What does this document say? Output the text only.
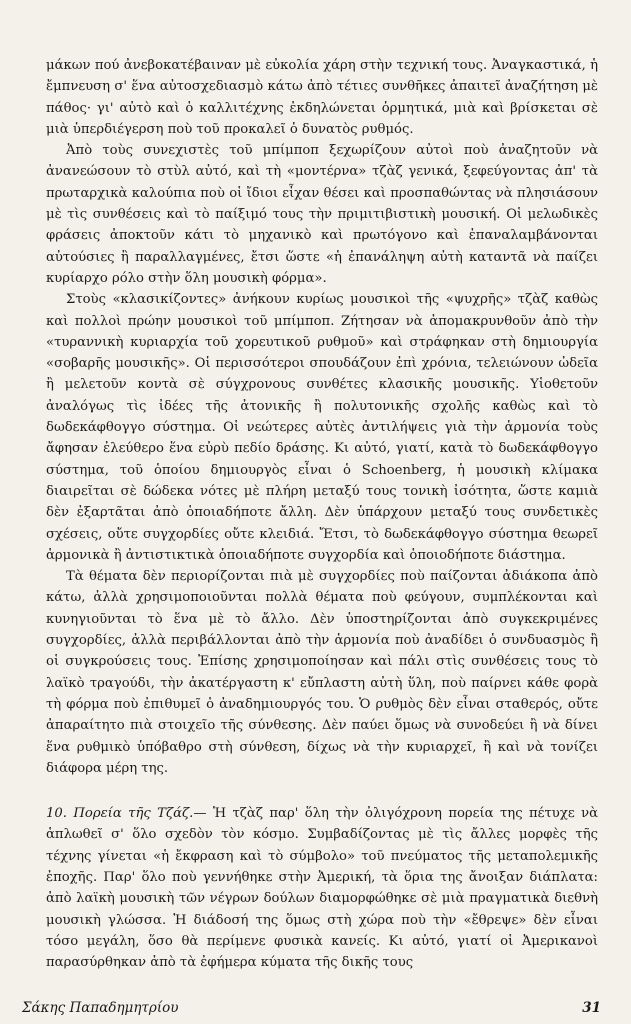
μάκων πού ἀνεβοκατέβαιναν μὲ εὐκολία χάρη στὴν τεχνική τους. Ἀναγκαστικά, ἡ ἔμπνευση σ' ἕνα αὐτοσχεδιασμὸ κάτω ἀπὸ τέτιες συνθῆκες ἀπαιτεῖ ἀναζήτηση μὲ πάθος· γι' αὐτὸ καὶ ὁ καλλιτέχνης ἐκδηλώνεται ὁρμητικά, μιὰ καὶ βρίσκεται σὲ μιὰ ὑπερδιέγερση ποὺ τοῦ προκαλεῖ ὁ δυνατὸς ρυθμός.

Ἀπὸ τοὺς συνεχιστὲς τοῦ μπίμποπ ξεχωρίζουν αὐτοὶ ποὺ ἀναζητοῦν νὰ ἀνανεώσουν τὸ στὺλ αὐτό, καὶ τὴ «μοντέρνα» τζὰζ γενικά, ξεφεύγοντας ἀπ' τὰ πρωταρχικὰ καλούπια ποὺ οἱ ἴδιοι εἶχαν θέσει καὶ προσπαθώντας νὰ πλησιάσουν μὲ τὶς συνθέσεις καὶ τὸ παίξιμό τους τὴν πριμιτιβιστικὴ μουσική. Οἱ μελωδικὲς φράσεις ἀποκτοῦν κάτι τὸ μηχανικὸ καὶ πρωτόγονο καὶ ἐπαναλαμβάνονται αὐτούσιες ἢ παραλλαγμένες, ἔτσι ὥστε «ἡ ἐπανάληψη αὐτὴ καταντᾶ νὰ παίζει κυρίαρχο ρόλο στὴν ὅλη μουσικὴ φόρμα».

Στοὺς «κλασικίζοντες» ἀνήκουν κυρίως μουσικοὶ τῆς «ψυχρῆς» τζὰζ καθὼς καὶ πολλοὶ πρώην μουσικοὶ τοῦ μπίμποπ. Ζήτησαν νὰ ἀπομακρυνθοῦν ἀπὸ τὴν «τυραννικὴ κυριαρχία τοῦ χορευτικοῦ ρυθμοῦ» καὶ στράφηκαν στὴ δημιουργία «σοβαρῆς μουσικῆς». Οἱ περισσότεροι σπουδάζουν ἐπὶ χρόνια, τελειώνουν ὠδεῖα ἢ μελετοῦν κοντὰ σὲ σύγχρονους συνθέτες κλασικῆς μουσικῆς. Υἱοθετοῦν ἀναλόγως τὶς ἰδέες τῆς ἀτονικῆς ἢ πολυτονικῆς σχολῆς καθὼς καὶ τὸ δωδεκάφθογγο σύστημα. Οἱ νεώτερες αὐτὲς ἀντιλήψεις γιὰ τὴν ἁρμονία τοὺς ἄφησαν ἐλεύθερο ἕνα εὐρὺ πεδίο δράσης. Κι αὐτό, γιατί, κατὰ τὸ δωδεκάφθογγο σύστημα, τοῦ ὁποίου δημιουργὸς εἶναι ὁ Schoenberg, ἡ μουσικὴ κλίμακα διαιρεῖται σὲ δώδεκα νότες μὲ πλήρη μεταξύ τους τονικὴ ἰσότητα, ὥστε καμιὰ δὲν ἐξαρτᾶται ἀπὸ ὁποιαδήποτε ἄλλη. Δὲν ὑπάρχουν μεταξύ τους συνδετικὲς σχέσεις, οὔτε συγχορδίες οὔτε κλειδιά. Ἔτσι, τὸ δωδεκάφθογγο σύστημα θεωρεῖ ἁρμονικὰ ἢ ἀντιστικτικὰ ὁποιαδήποτε συγχορδία καὶ ὁποιοδήποτε διάστημα.

Τὰ θέματα δὲν περιορίζονται πιὰ μὲ συγχορδίες ποὺ παίζονται ἀδιάκοπα ἀπὸ κάτω, ἀλλὰ χρησιμοποιοῦνται πολλὰ θέματα ποὺ φεύγουν, συμπλέκονται καὶ κυνηγιοῦνται τὸ ἕνα μὲ τὸ ἄλλο. Δὲν ὑποστηρίζονται ἀπὸ συγκεκριμένες συγχορδίες, ἀλλὰ περιβάλλονται ἀπὸ τὴν ἁρμονία ποὺ ἀναδίδει ὁ συνδυασμὸς ἢ οἱ συγκρούσεις τους. Ἐπίσης χρησιμοποίησαν καὶ πάλι στὶς συνθέσεις τους τὸ λαϊκὸ τραγούδι, τὴν ἀκατέργαστη κ' εὔπλαστη αὐτὴ ὕλη, ποὺ παίρνει κάθε φορὰ τὴ φόρμα ποὺ ἐπιθυμεῖ ὁ ἀναδημιουργός του. Ὁ ρυθμὸς δὲν εἶναι σταθερός, οὔτε ἀπαραίτητο πιὰ στοιχεῖο τῆς σύνθεσης. Δὲν παύει ὅμως νὰ συνοδεύει ἢ νὰ δίνει ἕνα ρυθμικὸ ὑπόβαθρο στὴ σύνθεση, δίχως νὰ τὴν κυριαρχεῖ, ἢ καὶ νὰ τονίζει διάφορα μέρη της.

10. Πορεία τῆς Τζάζ.— Ἡ τζὰζ παρ' ὅλη τὴν ὀλιγόχρονη πορεία της πέτυχε νὰ ἁπλωθεῖ σ' ὅλο σχεδὸν τὸν κόσμο. Συμβαδίζοντας μὲ τὶς ἄλλες μορφὲς τῆς τέχνης γίνεται «ἡ ἔκφραση καὶ τὸ σύμβολο» τοῦ πνεύματος τῆς μεταπολεμικῆς ἐποχῆς. Παρ' ὅλο ποὺ γεννήθηκε στὴν Ἀμερική, τὰ ὅρια της ἄνοιξαν διάπλατα: ἀπὸ λαϊκὴ μουσικὴ τῶν νέγρων δούλων διαμορφώθηκε σὲ μιὰ πραγματικὰ διεθνὴ μουσικὴ γλώσσα. Ἡ διάδοσή της ὅμως στὴ χώρα ποὺ τὴν «ἔθρεψε» δὲν εἶναι τόσο μεγάλη, ὅσο θὰ περίμενε φυσικὰ κανείς. Κι αὐτό, γιατί οἱ Ἀμερικανοὶ παρασύρθηκαν ἀπὸ τὰ ἐφήμερα κύματα τῆς δικῆς τους

Σάκης Παπαδημητρίου	31
